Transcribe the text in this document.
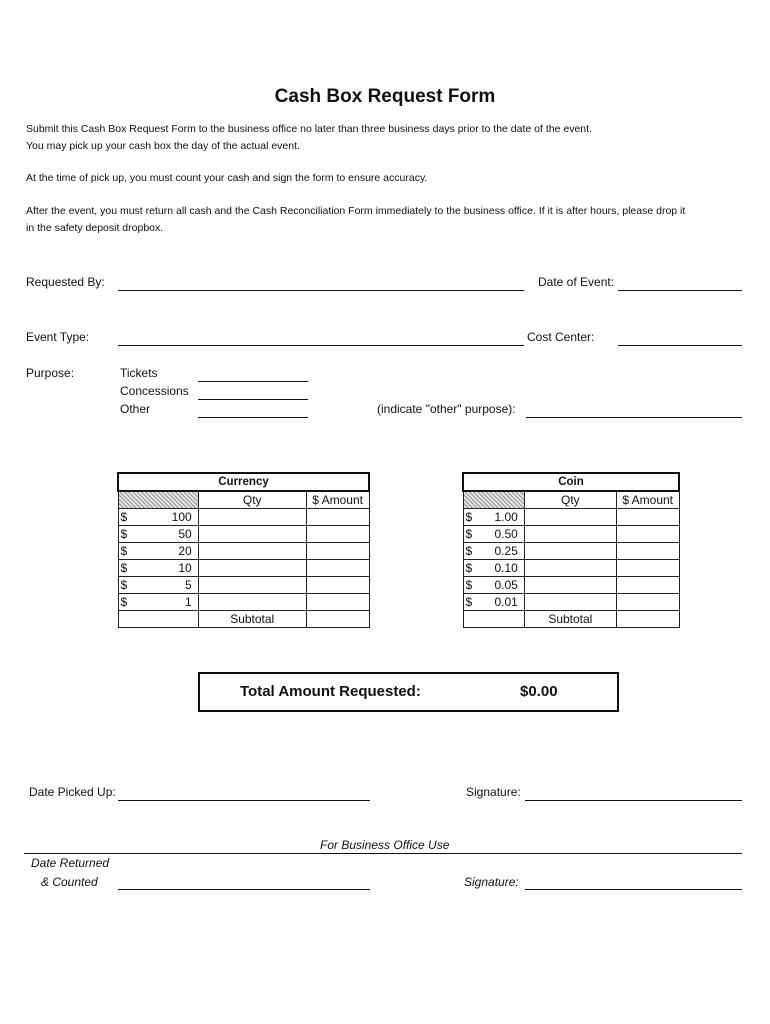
Cash Box Request Form
Submit this Cash Box Request Form to the business office no later than three business days prior to the date of the event.
You may pick up your cash box the day of the actual event.
At the time of pick up, you must count your cash and sign the form to ensure accuracy.
After the event, you must return all cash and the Cash Reconciliation Form immediately to the business office. If it is after hours, please drop it
in the safety deposit dropbox.
Requested By:	Date of Event:
Event Type:	Cost Center:
Purpose:	Tickets
Concessions
Other	(indicate "other" purpose):
Currency		
	Qty	$ Amount

$ 100		

$ 50		

$ 20		

$ 10		

$ 5		

$ 1		

	Subtotal	
Coin		
	Qty	$ Amount

$ 1.00		

$ 0.50		

$ 0.25		

$ 0.10		

$ 0.05		

$ 0.01		

	Subtotal	
Total Amount Requested:	$0.00
Date Picked Up:	Signature:
For Business Office Use
Date Returned
& Counted	Signature:
